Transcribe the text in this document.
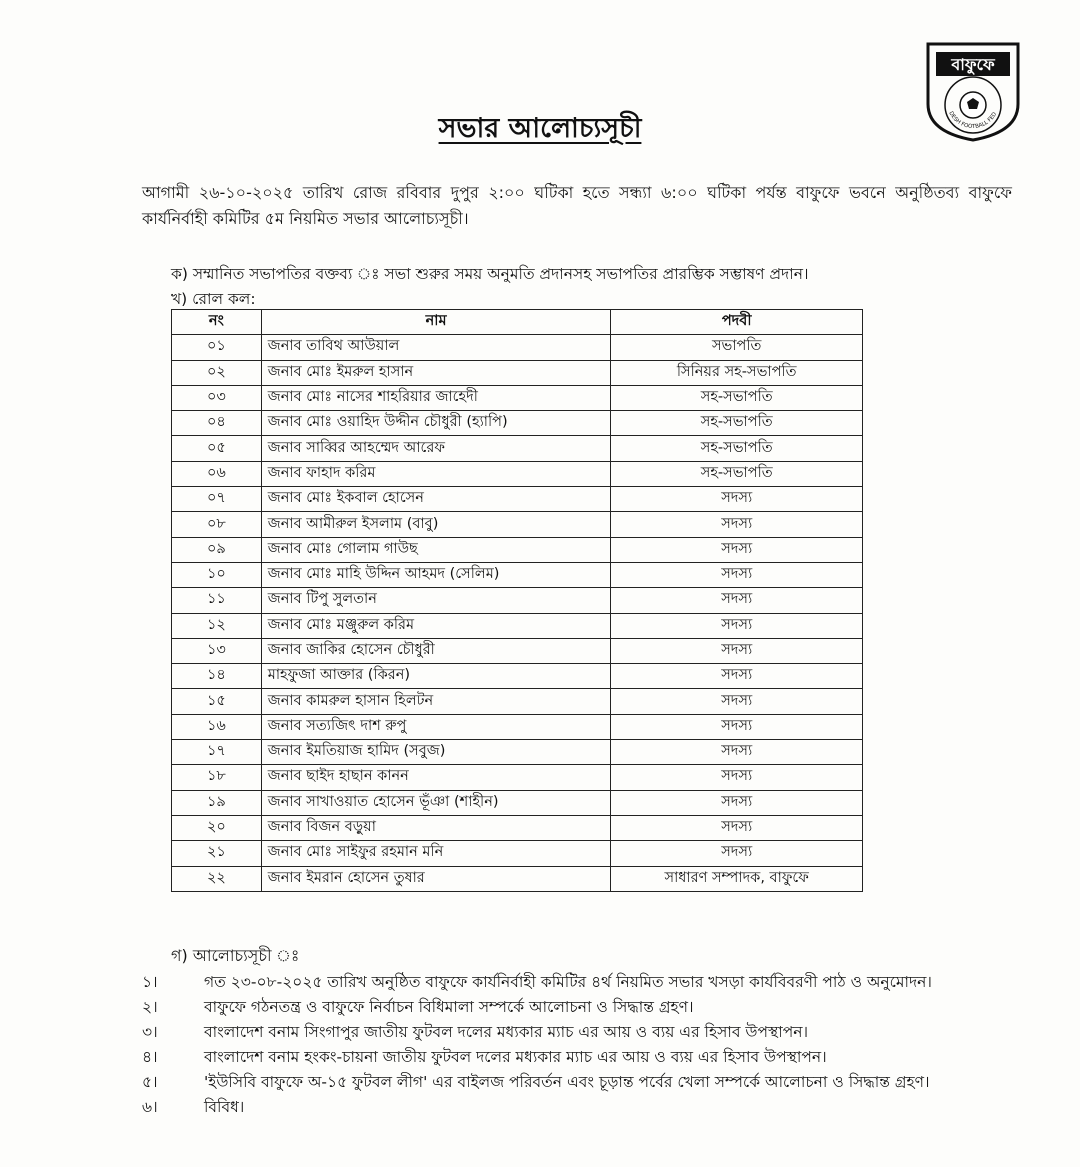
বাফুফে
DESH FOOTBALL FED
সভার আলোচ্যসূচী
আগামী ২৬-১০-২০২৫ তারিখ রোজ রবিবার দুপুর ২:০০ ঘটিকা হতে সন্ধ্যা ৬:০০ ঘটিকা পর্যন্ত বাফুফে ভবনে অনুষ্ঠিতব্য বাফুফে কার্যনির্বাহী কমিটির ৫ম নিয়মিত সভার আলোচ্যসূচী।
ক) সম্মানিত সভাপতির বক্তব্য ঃ সভা শুরুর সময় অনুমতি প্রদানসহ সভাপতির প্রারম্ভিক সম্ভাষণ প্রদান।
খ) রোল কল:
নং	নাম	পদবী
০১	জনাব তাবিথ আউয়াল	সভাপতি
০২	জনাব মোঃ ইমরুল হাসান	সিনিয়র সহ-সভাপতি
০৩	জনাব মোঃ নাসের শাহরিয়ার জাহেদী	সহ-সভাপতি
০৪	জনাব মোঃ ওয়াহিদ উদ্দীন চৌধুরী (হ্যাপি)	সহ-সভাপতি
০৫	জনাব সাব্বির আহম্মেদ আরেফ	সহ-সভাপতি
০৬	জনাব ফাহাদ করিম	সহ-সভাপতি
০৭	জনাব মোঃ ইকবাল হোসেন	সদস্য
০৮	জনাব আমীরুল ইসলাম (বাবু)	সদস্য
০৯	জনাব মোঃ গোলাম গাউছ	সদস্য
১০	জনাব মোঃ মাহি উদ্দিন আহমদ (সেলিম)	সদস্য
১১	জনাব টিপু সুলতান	সদস্য
১২	জনাব মোঃ মঞ্জুরুল করিম	সদস্য
১৩	জনাব জাকির হোসেন চৌধুরী	সদস্য
১৪	মাহফুজা আক্তার (কিরন)	সদস্য
১৫	জনাব কামরুল হাসান হিলটন	সদস্য
১৬	জনাব সত্যজিৎ দাশ রুপু	সদস্য
১৭	জনাব ইমতিয়াজ হামিদ (সবুজ)	সদস্য
১৮	জনাব ছাইদ হাছান কানন	সদস্য
১৯	জনাব সাখাওয়াত হোসেন ভূঁঞা (শাহীন)	সদস্য
২০	জনাব বিজন বড়ুয়া	সদস্য
২১	জনাব মোঃ সাইফুর রহমান মনি	সদস্য
২২	জনাব ইমরান হোসেন তুষার	সাধারণ সম্পাদক, বাফুফে
গ) আলোচ্যসূচী ঃ
১।	গত ২৩-০৮-২০২৫ তারিখ অনুষ্ঠিত বাফুফে কার্যনির্বাহী কমিটির ৪র্থ নিয়মিত সভার খসড়া কার্যবিবরণী পাঠ ও অনুমোদন।
২।	বাফুফে গঠনতন্ত্র ও বাফুফে নির্বাচন বিধিমালা সম্পর্কে আলোচনা ও সিদ্ধান্ত গ্রহণ।
৩।	বাংলাদেশ বনাম সিংগাপুর জাতীয় ফুটবল দলের মধ্যকার ম্যাচ এর আয় ও ব্যয় এর হিসাব উপস্থাপন।
৪।	বাংলাদেশ বনাম হংকং-চায়না জাতীয় ফুটবল দলের মধ্যকার ম্যাচ এর আয় ও ব্যয় এর হিসাব উপস্থাপন।
৫।	'ইউসিবি বাফুফে অ-১৫ ফুটবল লীগ' এর বাইলজ পরিবর্তন এবং চূড়ান্ত পর্বের খেলা সম্পর্কে আলোচনা ও সিদ্ধান্ত গ্রহণ।
৬।	বিবিধ।
